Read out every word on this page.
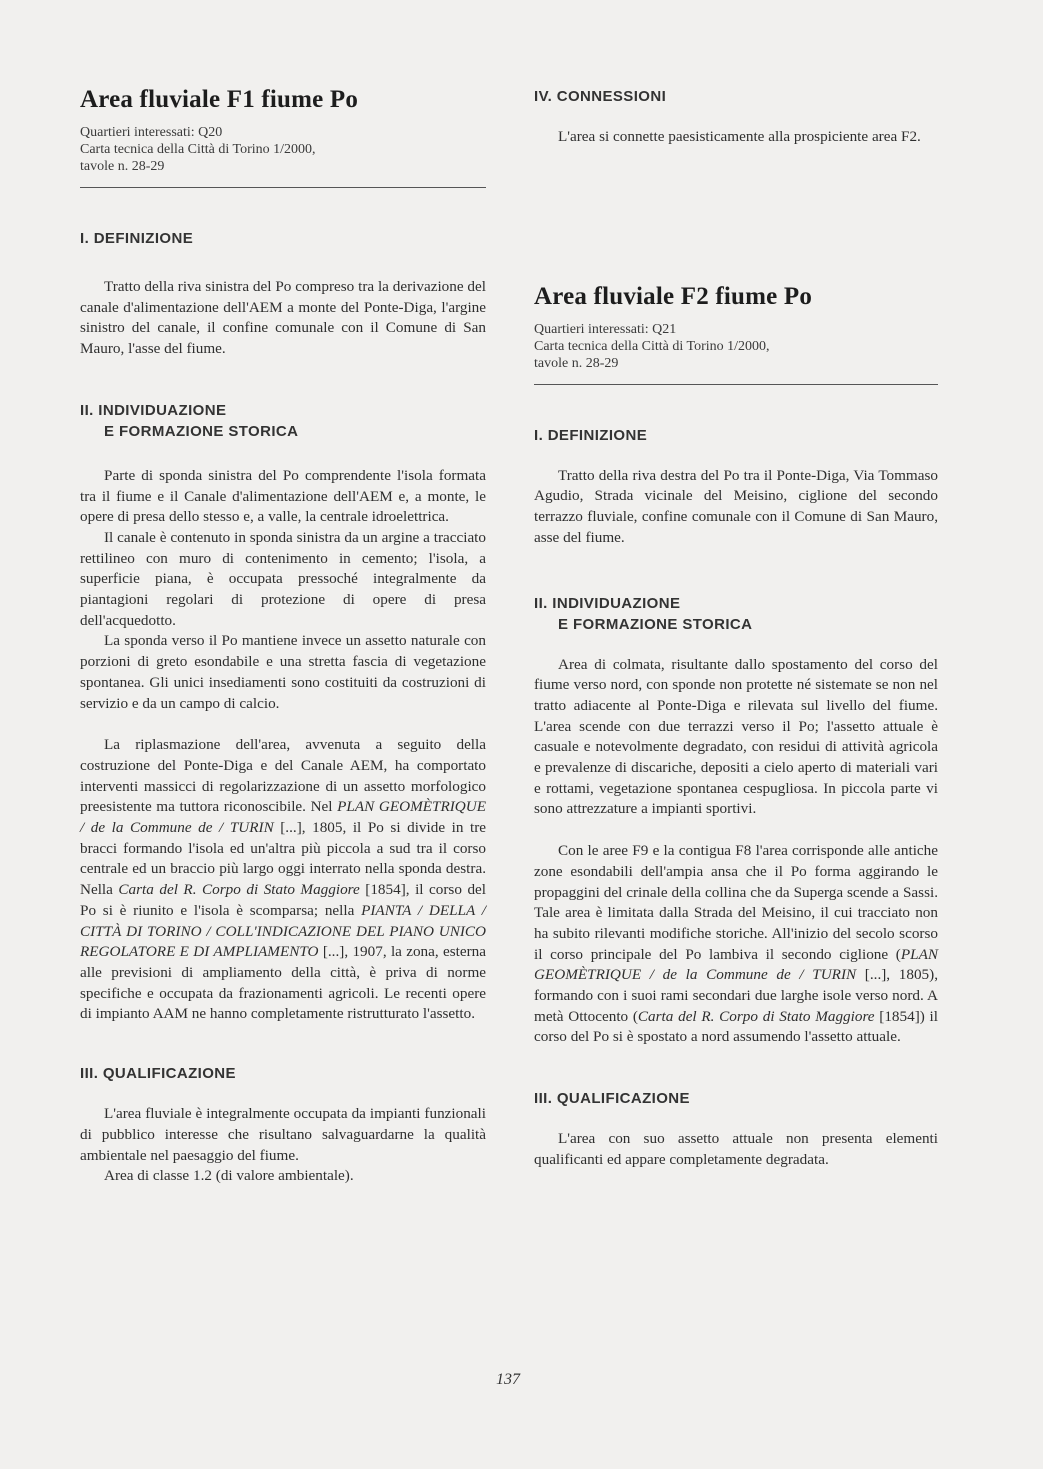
Area fluviale F1 fiume Po
Quartieri interessati: Q20
Carta tecnica della Città di Torino 1/2000,
tavole n. 28-29
I. DEFINIZIONE

Tratto della riva sinistra del Po compreso tra la derivazione del canale d'alimentazione dell'AEM a monte del Ponte-Diga, l'argine sinistro del canale, il confine comunale con il Comune di San Mauro, l'asse del fiume.

II. INDIVIDUAZIONE
E FORMAZIONE STORICA

Parte di sponda sinistra del Po comprendente l'isola formata tra il fiume e il Canale d'alimentazione dell'AEM e, a monte, le opere di presa dello stesso e, a valle, la centrale idroelettrica.

Il canale è contenuto in sponda sinistra da un argine a tracciato rettilineo con muro di contenimento in cemento; l'isola, a superficie piana, è occupata pressoché integralmente da piantagioni regolari di protezione di opere di presa dell'acquedotto.

La sponda verso il Po mantiene invece un assetto naturale con porzioni di greto esondabile e una stretta fascia di vegetazione spontanea. Gli unici insediamenti sono costituiti da costruzioni di servizio e da un campo di calcio.

La riplasmazione dell'area, avvenuta a seguito della costruzione del Ponte-Diga e del Canale AEM, ha comportato interventi massicci di regolarizzazione di un assetto morfologico preesistente ma tuttora riconoscibile. Nel PLAN GEOMÈTRIQUE / de la Commune de / TURIN [...], 1805, il Po si divide in tre bracci formando l'isola ed un'altra più piccola a sud tra il corso centrale ed un braccio più largo oggi interrato nella sponda destra. Nella Carta del R. Corpo di Stato Maggiore [1854], il corso del Po si è riunito e l'isola è scomparsa; nella PIANTA / DELLA / CITTÀ DI TORINO / COLL'INDICAZIONE DEL PIANO UNICO REGOLATORE E DI AMPLIAMENTO [...], 1907, la zona, esterna alle previsioni di ampliamento della città, è priva di norme specifiche e occupata da frazionamenti agricoli. Le recenti opere di impianto AAM ne hanno completamente ristrutturato l'assetto.

III. QUALIFICAZIONE

L'area fluviale è integralmente occupata da impianti funzionali di pubblico interesse che risultano salvaguardarne la qualità ambientale nel paesaggio del fiume.

Area di classe 1.2 (di valore ambientale).

IV. CONNESSIONI

L'area si connette paesisticamente alla prospiciente area F2.

Area fluviale F2 fiume Po
Quartieri interessati: Q21
Carta tecnica della Città di Torino 1/2000,
tavole n. 28-29
I. DEFINIZIONE

Tratto della riva destra del Po tra il Ponte-Diga, Via Tommaso Agudio, Strada vicinale del Meisino, ciglione del secondo terrazzo fluviale, confine comunale con il Comune di San Mauro, asse del fiume.

II. INDIVIDUAZIONE
E FORMAZIONE STORICA

Area di colmata, risultante dallo spostamento del corso del fiume verso nord, con sponde non protette né sistemate se non nel tratto adiacente al Ponte-Diga e rilevata sul livello del fiume. L'area scende con due terrazzi verso il Po; l'assetto attuale è casuale e notevolmente degradato, con residui di attività agricola e prevalenze di discariche, depositi a cielo aperto di materiali vari e rottami, vegetazione spontanea cespugliosa. In piccola parte vi sono attrezzature a impianti sportivi.

Con le aree F9 e la contigua F8 l'area corrisponde alle antiche zone esondabili dell'ampia ansa che il Po forma aggirando le propaggini del crinale della collina che da Superga scende a Sassi. Tale area è limitata dalla Strada del Meisino, il cui tracciato non ha subito rilevanti modifiche storiche. All'inizio del secolo scorso il corso principale del Po lambiva il secondo ciglione (PLAN GEOMÈTRIQUE / de la Commune de / TURIN [...], 1805), formando con i suoi rami secondari due larghe isole verso nord. A metà Ottocento (Carta del R. Corpo di Stato Maggiore [1854]) il corso del Po si è spostato a nord assumendo l'assetto attuale.

III. QUALIFICAZIONE

L'area con suo assetto attuale non presenta elementi qualificanti ed appare completamente degradata.

137
